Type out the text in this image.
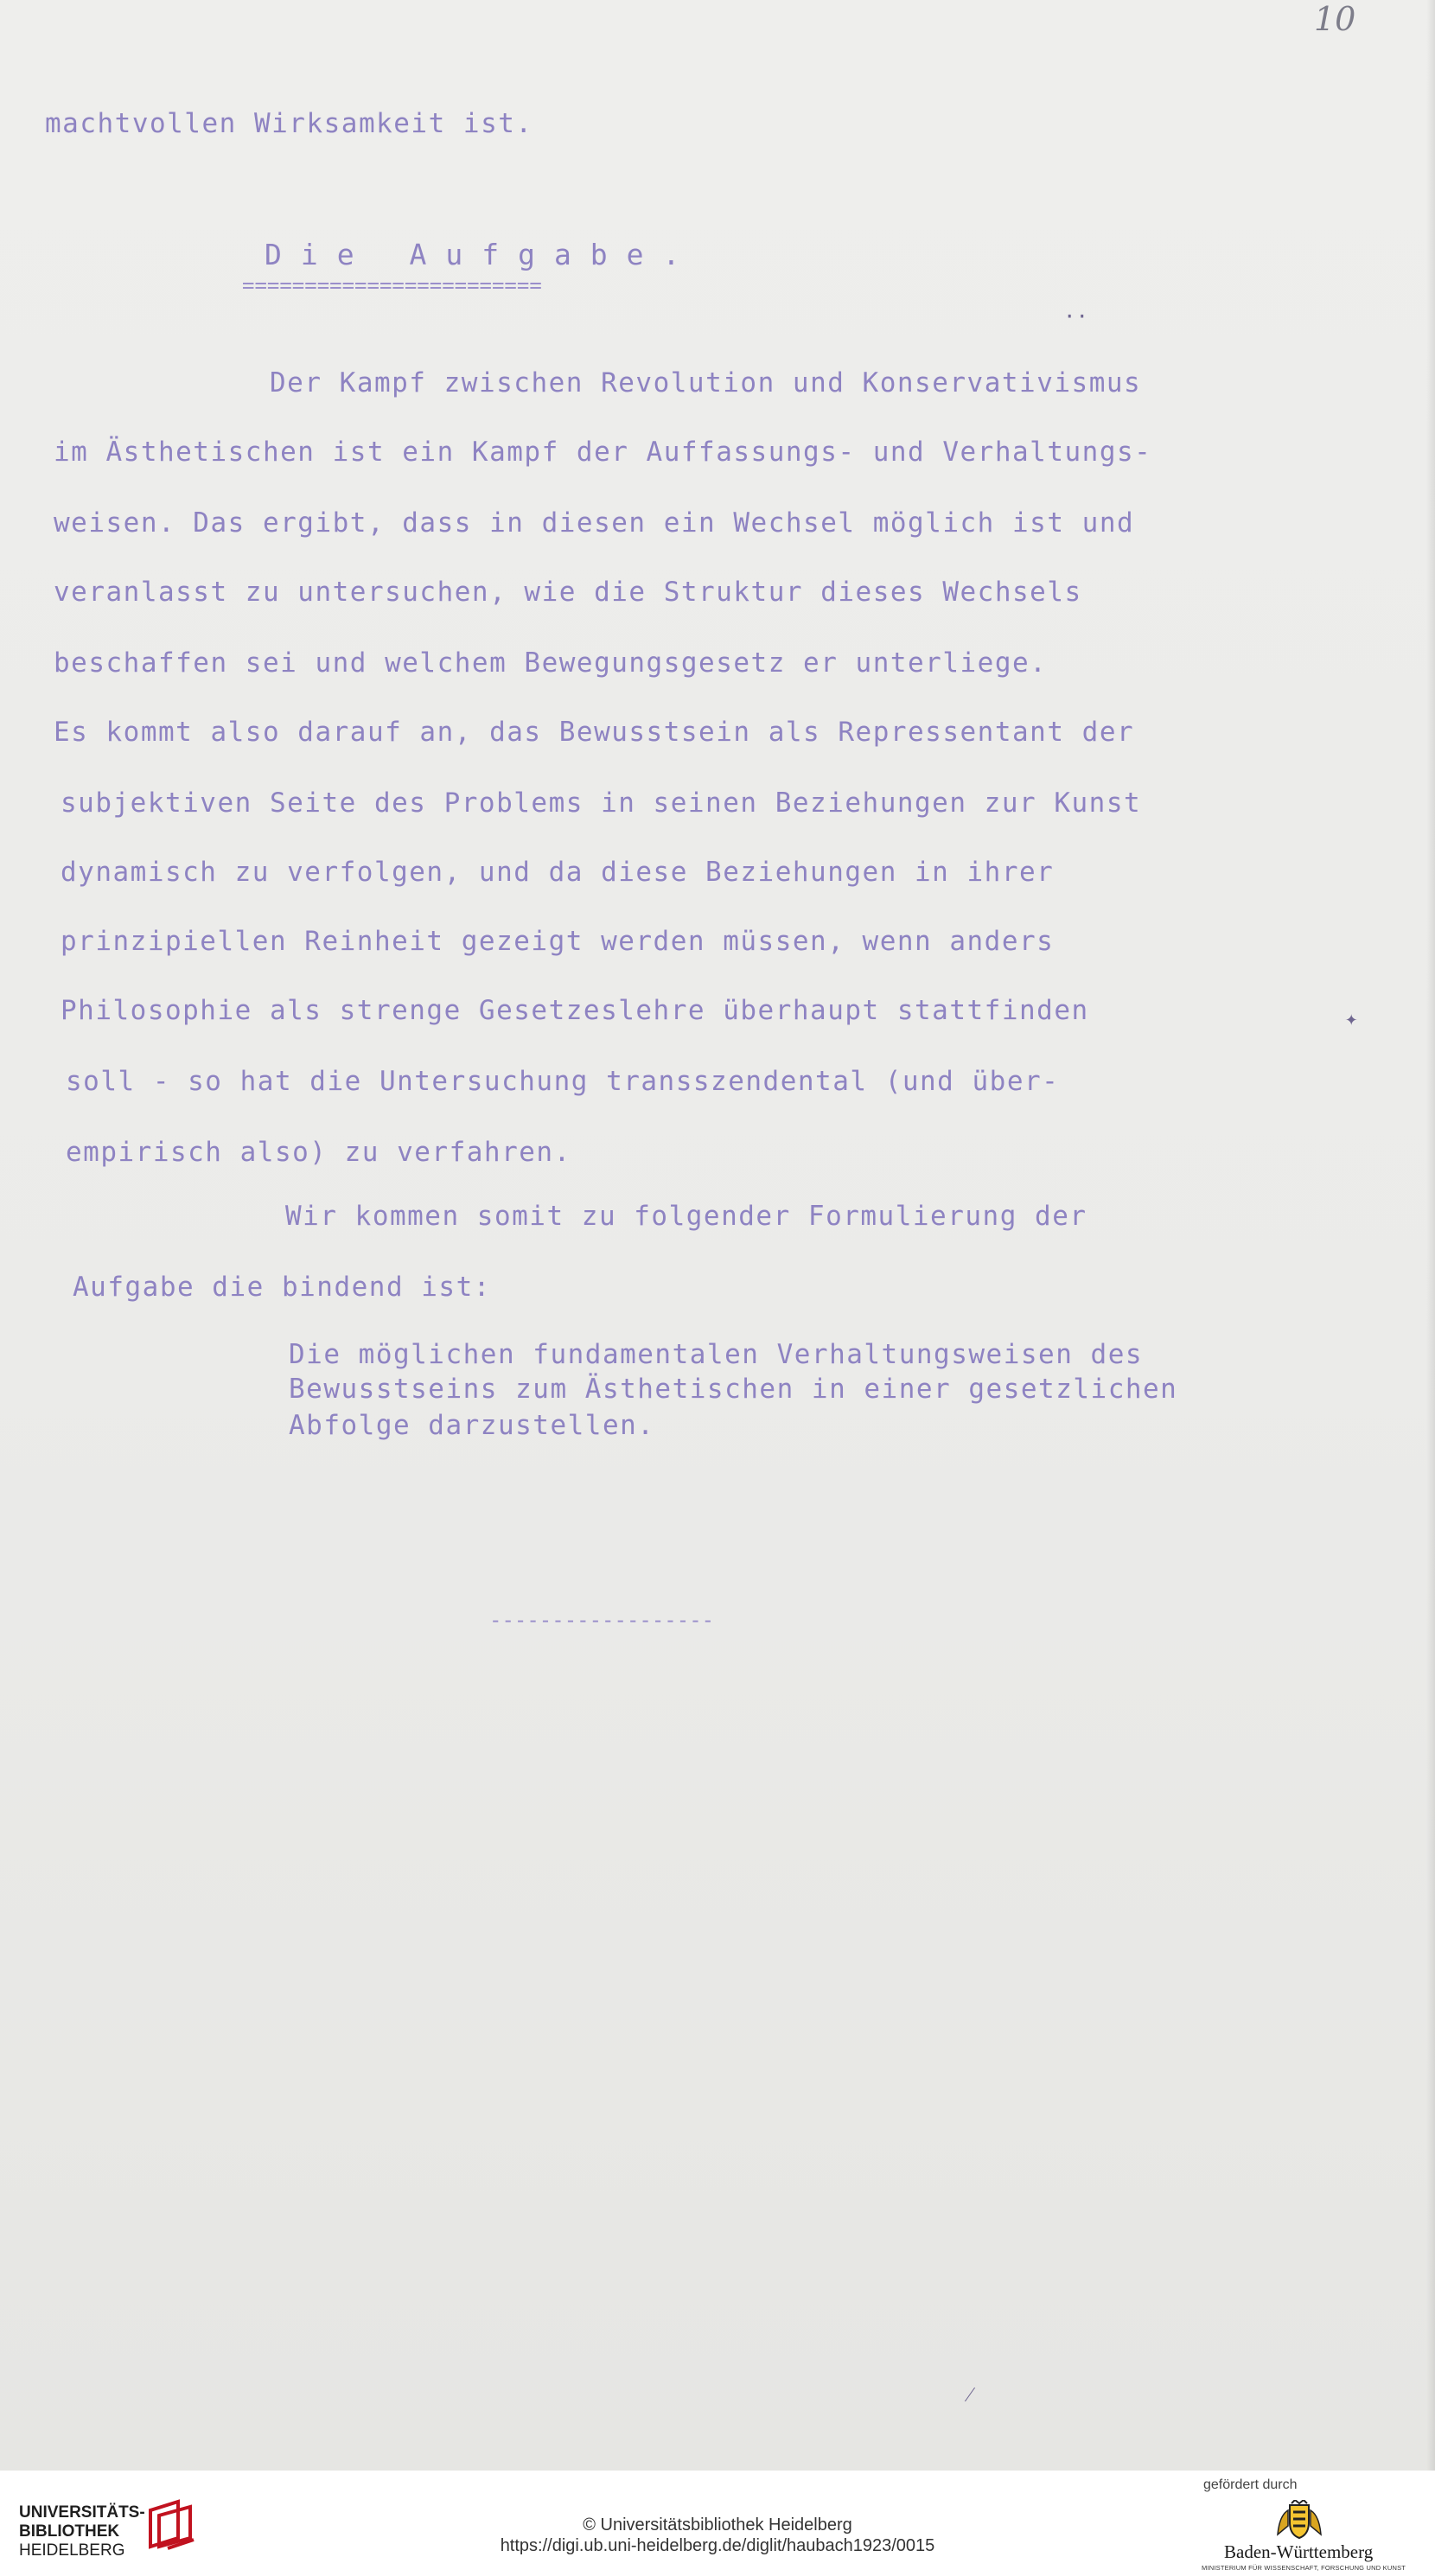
10
machtvollen Wirksamkeit ist.
Die Aufgabe.
========================
··
Der Kampf zwischen Revolution und Konservativismus
im Ästhetischen ist ein Kampf der Auffassungs- und Verhaltungs-
weisen. Das ergibt, dass in diesen ein Wechsel möglich ist und
veranlasst zu untersuchen, wie die Struktur dieses Wechsels
beschaffen sei und welchem Bewegungsgesetz er unterliege.
Es kommt also darauf an, das Bewusstsein als Repressentant der
subjektiven Seite des Problems in seinen Beziehungen zur Kunst
dynamisch zu verfolgen, und da diese Beziehungen in ihrer
prinzipiellen Reinheit gezeigt werden müssen, wenn anders
Philosophie als strenge Gesetzeslehre überhaupt stattfinden	✦
soll - so hat die Untersuchung transszendental (und über-
empirisch also) zu verfahren.
Wir kommen somit zu folgender Formulierung der
Aufgabe die bindend ist:
Die möglichen fundamentalen Verhaltungsweisen des
Bewusstseins zum Ästhetischen in einer gesetzlichen
Abfolge darzustellen.
------------------
⁄
UNIVERSITÄTS-
BIBLIOTHEK
HEIDELBERG
© Universitätsbibliothek Heidelberg
https://digi.ub.uni-heidelberg.de/diglit/haubach1923/0015
gefördert durch
Baden-Württemberg
MINISTERIUM FÜR WISSENSCHAFT, FORSCHUNG UND KUNST
